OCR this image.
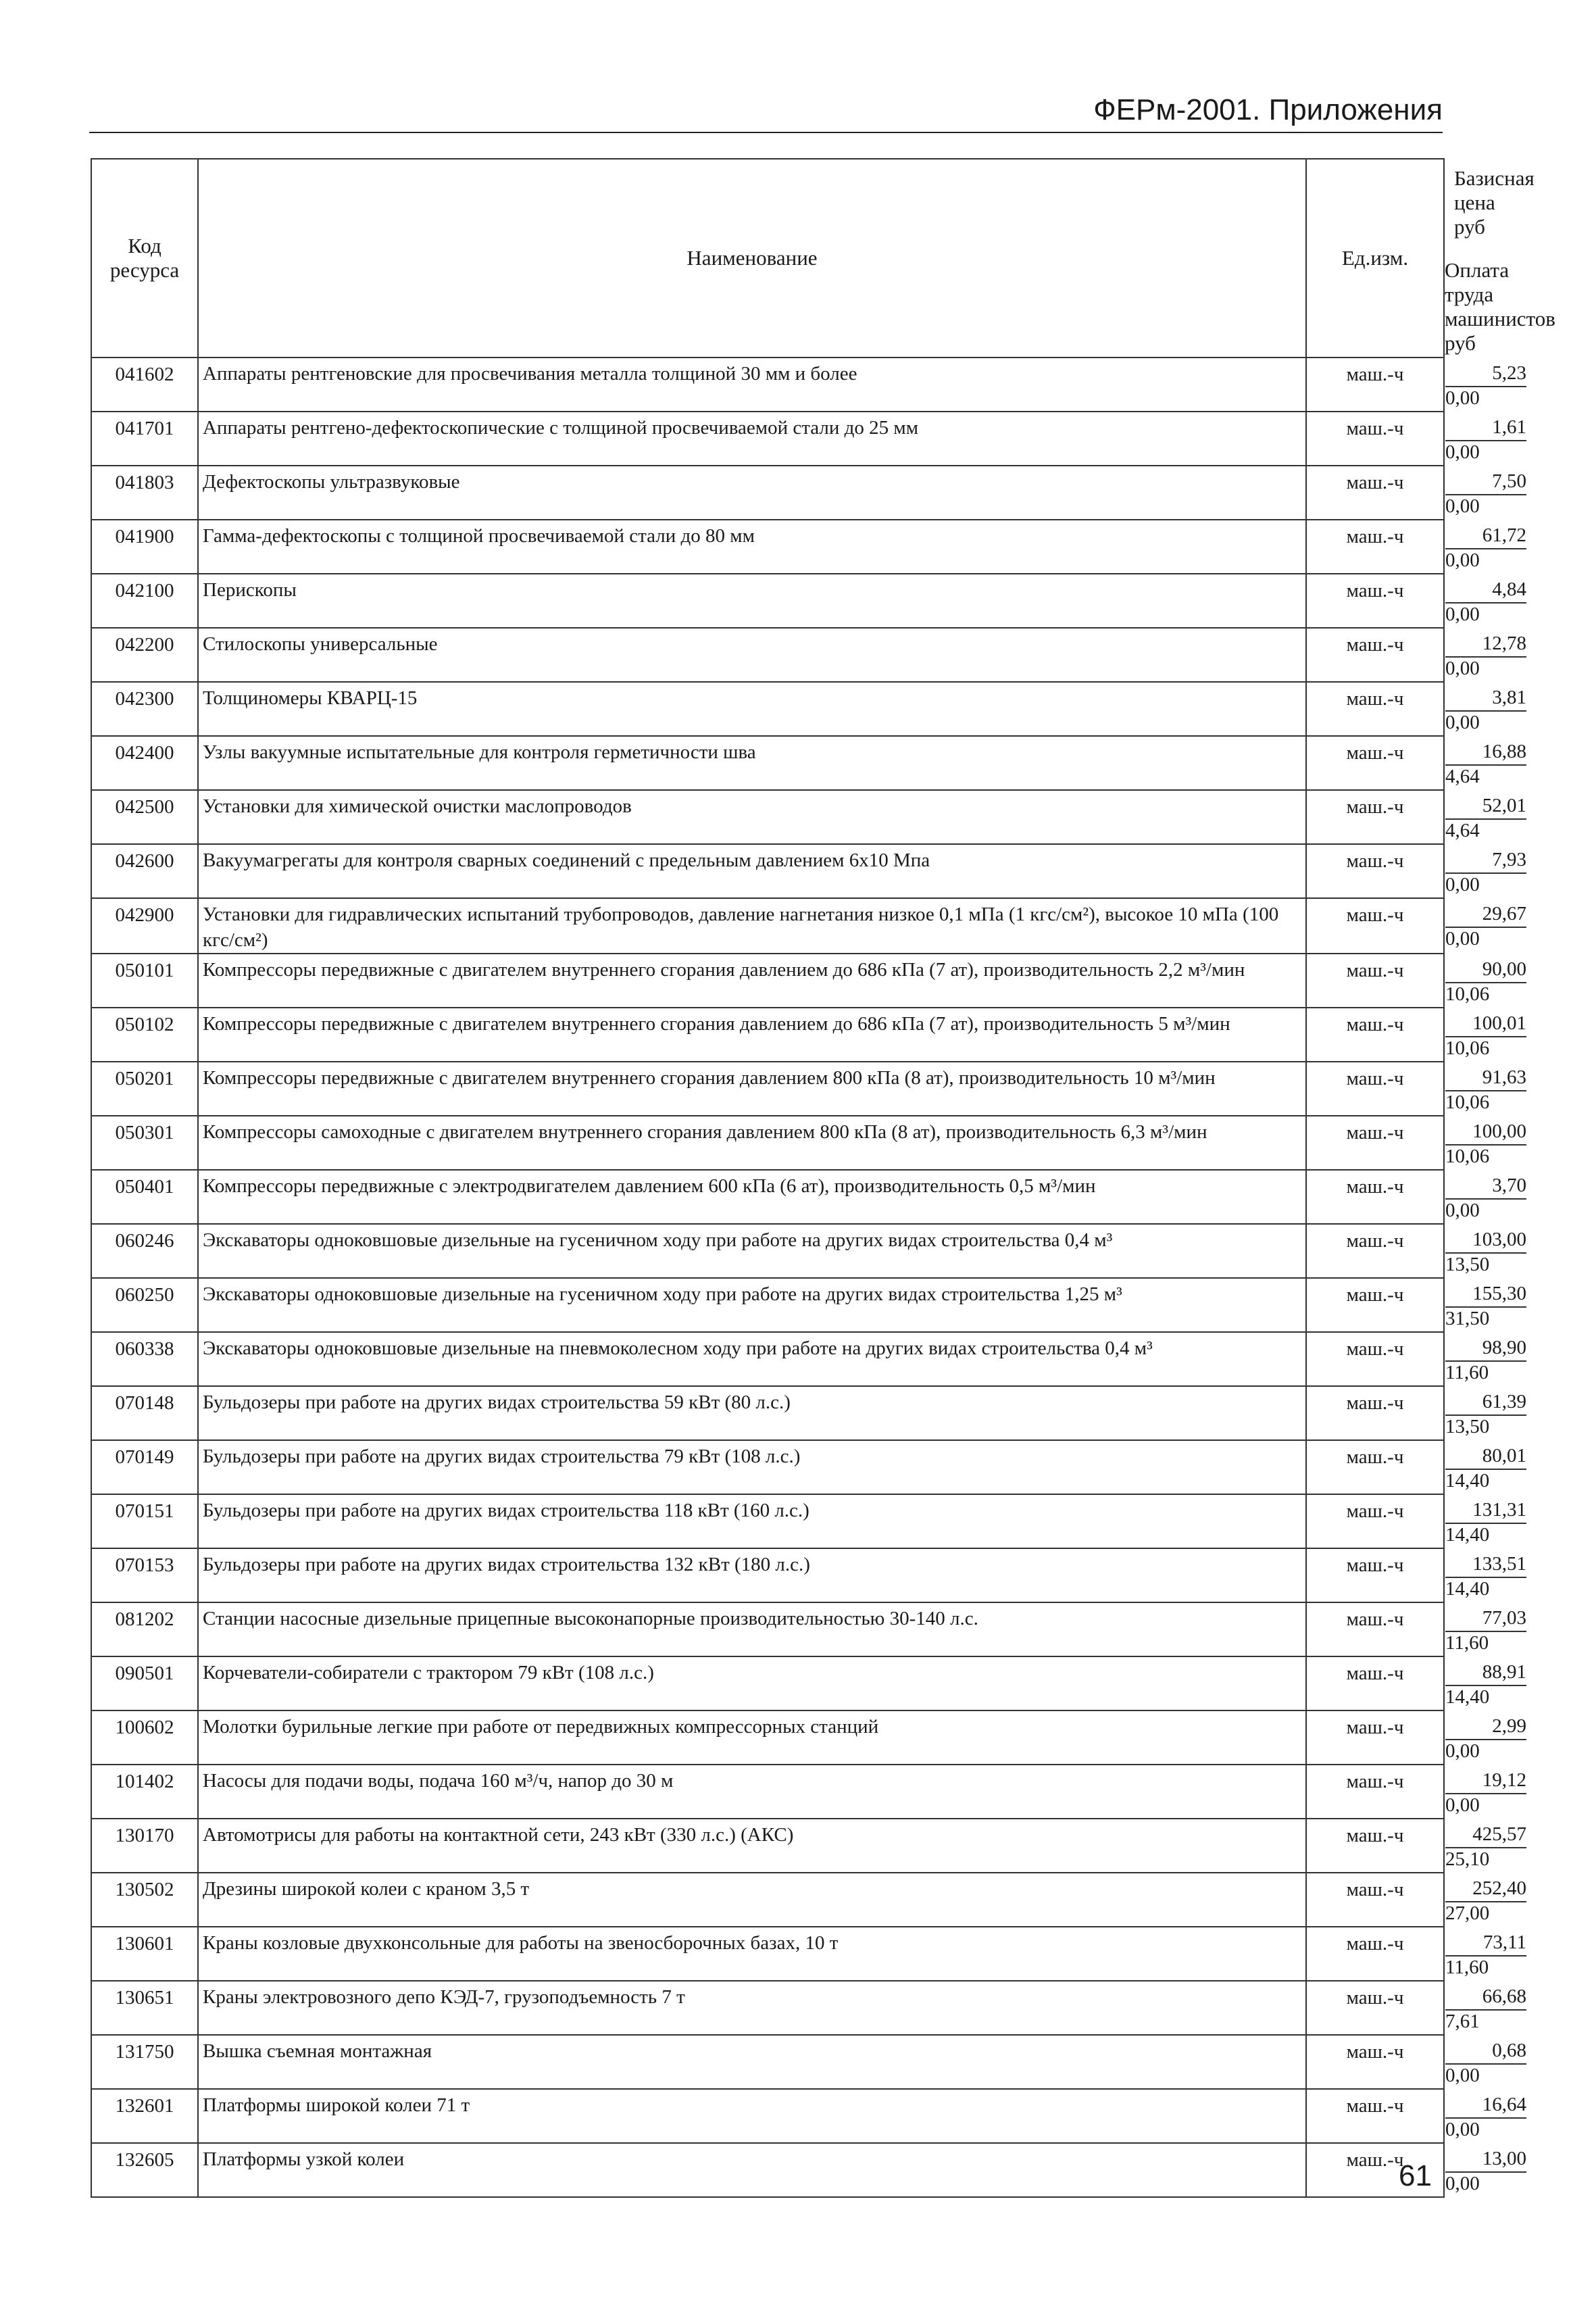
ФЕРм-2001. Приложения
Код ресурса	Наименование	Ед.изм.	Базисная цена руб
Оплата труда машинистов руб

041602	Аппараты рентгеновские для просвечивания металла толщиной 30 мм и более	маш.-ч		5,23
0,00

041701	Аппараты рентгено-дефектоскопические с толщиной просвечиваемой стали до 25 мм	маш.-ч		1,61
0,00

041803	Дефектоскопы ультразвуковые	маш.-ч		7,50
0,00

041900	Гамма-дефектоскопы с толщиной просвечиваемой стали до 80 мм	маш.-ч		61,72
0,00

042100	Перископы	маш.-ч		4,84
0,00

042200	Стилоскопы универсальные	маш.-ч		12,78
0,00

042300	Толщиномеры КВАРЦ-15	маш.-ч		3,81
0,00

042400	Узлы вакуумные испытательные для контроля герметичности шва	маш.-ч		16,88
4,64

042500	Установки для химической очистки маслопроводов	маш.-ч		52,01
4,64

042600	Вакуумагрегаты для контроля сварных соединений с предельным давлением 6х10 Мпа	маш.-ч		7,93
0,00

042900	Установки для гидравлических испытаний трубопроводов, давление нагнетания низкое 0,1 мПа (1 кгс/см²), высокое 10 мПа (100 кгс/см²)	маш.-ч		29,67
0,00

050101	Компрессоры передвижные с двигателем внутреннего сгорания давлением до 686 кПа (7 ат), производительность 2,2 м³/мин	маш.-ч		90,00
10,06

050102	Компрессоры передвижные с двигателем внутреннего сгорания давлением до 686 кПа (7 ат), производительность 5 м³/мин	маш.-ч		100,01
10,06

050201	Компрессоры передвижные с двигателем внутреннего сгорания давлением 800 кПа (8 ат), производительность 10 м³/мин	маш.-ч		91,63
10,06

050301	Компрессоры самоходные с двигателем внутреннего сгорания давлением 800 кПа (8 ат), производительность 6,3 м³/мин	маш.-ч		100,00
10,06

050401	Компрессоры передвижные с электродвигателем давлением 600 кПа (6 ат), производительность 0,5 м³/мин	маш.-ч		3,70
0,00

060246	Экскаваторы одноковшовые дизельные на гусеничном ходу при работе на других видах строительства 0,4 м³	маш.-ч		103,00
13,50

060250	Экскаваторы одноковшовые дизельные на гусеничном ходу при работе на других видах строительства 1,25 м³	маш.-ч		155,30
31,50

060338	Экскаваторы одноковшовые дизельные на пневмоколесном ходу при работе на других видах строительства 0,4 м³	маш.-ч		98,90
11,60

070148	Бульдозеры при работе на других видах строительства 59 кВт (80 л.с.)	маш.-ч		61,39
13,50

070149	Бульдозеры при работе на других видах строительства 79 кВт (108 л.с.)	маш.-ч		80,01
14,40

070151	Бульдозеры при работе на других видах строительства 118 кВт (160 л.с.)	маш.-ч		131,31
14,40

070153	Бульдозеры при работе на других видах строительства 132 кВт (180 л.с.)	маш.-ч		133,51
14,40

081202	Станции насосные дизельные прицепные высоконапорные производительностью 30-140 л.с.	маш.-ч		77,03
11,60

090501	Корчеватели-собиратели с трактором 79 кВт (108 л.с.)	маш.-ч		88,91
14,40

100602	Молотки бурильные легкие при работе от передвижных компрессорных станций	маш.-ч		2,99
0,00

101402	Насосы для подачи воды, подача 160 м³/ч, напор до 30 м	маш.-ч		19,12
0,00

130170	Автомотрисы для работы на контактной сети, 243 кВт (330 л.с.) (АКС)	маш.-ч		425,57
25,10

130502	Дрезины широкой колеи с краном 3,5 т	маш.-ч		252,40
27,00

130601	Краны козловые двухконсольные для работы на звеносборочных базах, 10 т	маш.-ч		73,11
11,60

130651	Краны электровозного депо КЭД-7, грузоподъемность 7 т	маш.-ч		66,68
7,61

131750	Вышка съемная монтажная	маш.-ч		0,68
0,00

132601	Платформы широкой колеи 71 т	маш.-ч		16,64
0,00

132605	Платформы узкой колеи	маш.-ч		13,00
0,00
61
